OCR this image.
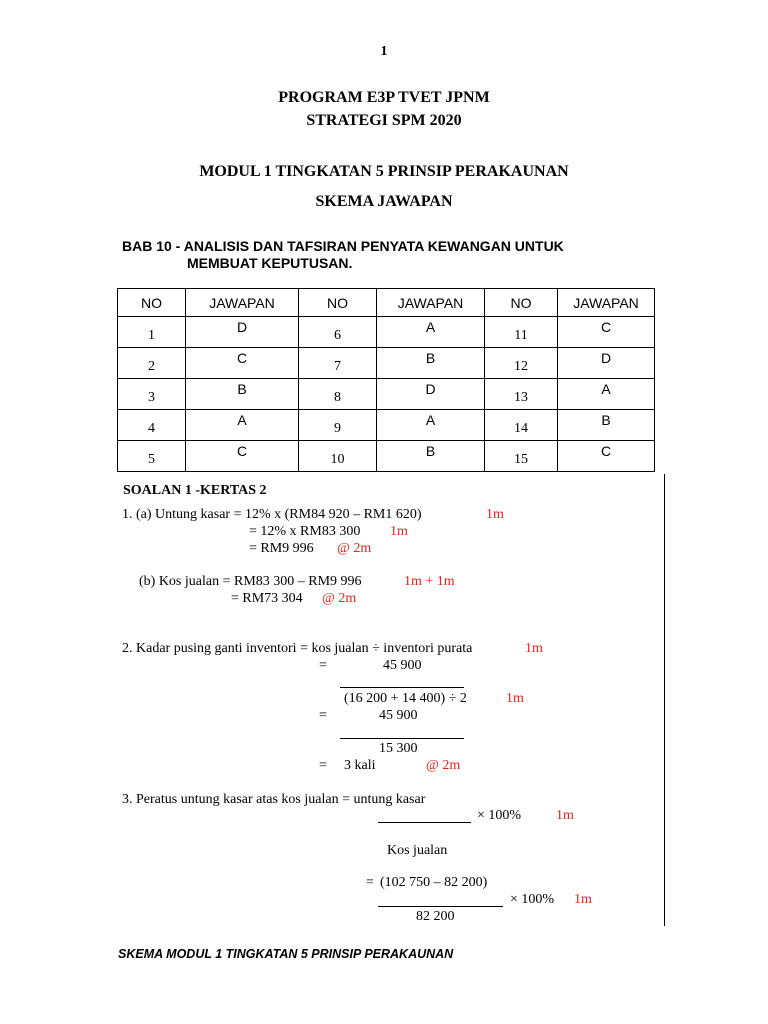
1
PROGRAM E3P TVET JPNM
STRATEGI SPM 2020
MODUL 1 TINGKATAN 5 PRINSIP PERAKAUNAN
SKEMA JAWAPAN
BAB 10 - ANALISIS DAN TAFSIRAN PENYATA KEWANGAN UNTUK
MEMBUAT KEPUTUSAN.
NO	JAWAPAN	NO	JAWAPAN	NO	JAWAPAN
1	D	6	A	11	C
2	C	7	B	12	D
3	B	8	D	13	A
4	A	9	A	14	B
5	C	10	B	15	C
SOALAN 1 -KERTAS 2
1. (a) Untung kasar = 12% x (RM84 920 – RM1 620)	1m
= 12% x RM83 300 1m
= RM9 996 @ 2m
(b) Kos jualan = RM83 300 – RM9 996	1m + 1m
= RM73 304 @ 2m
2. Kadar pusing ganti inventori = kos jualan ÷ inventori purata	1m
=	45 900
(16 200 + 14 400) ÷ 2	1m
=	45 900
15 300
= 3 kali	@ 2m
3. Peratus untung kasar atas kos jualan = untung kasar
× 100% 1m
Kos jualan
= (102 750 – 82 200)
× 100% 1m
82 200
SKEMA MODUL 1 TINGKATAN 5 PRINSIP PERAKAUNAN
